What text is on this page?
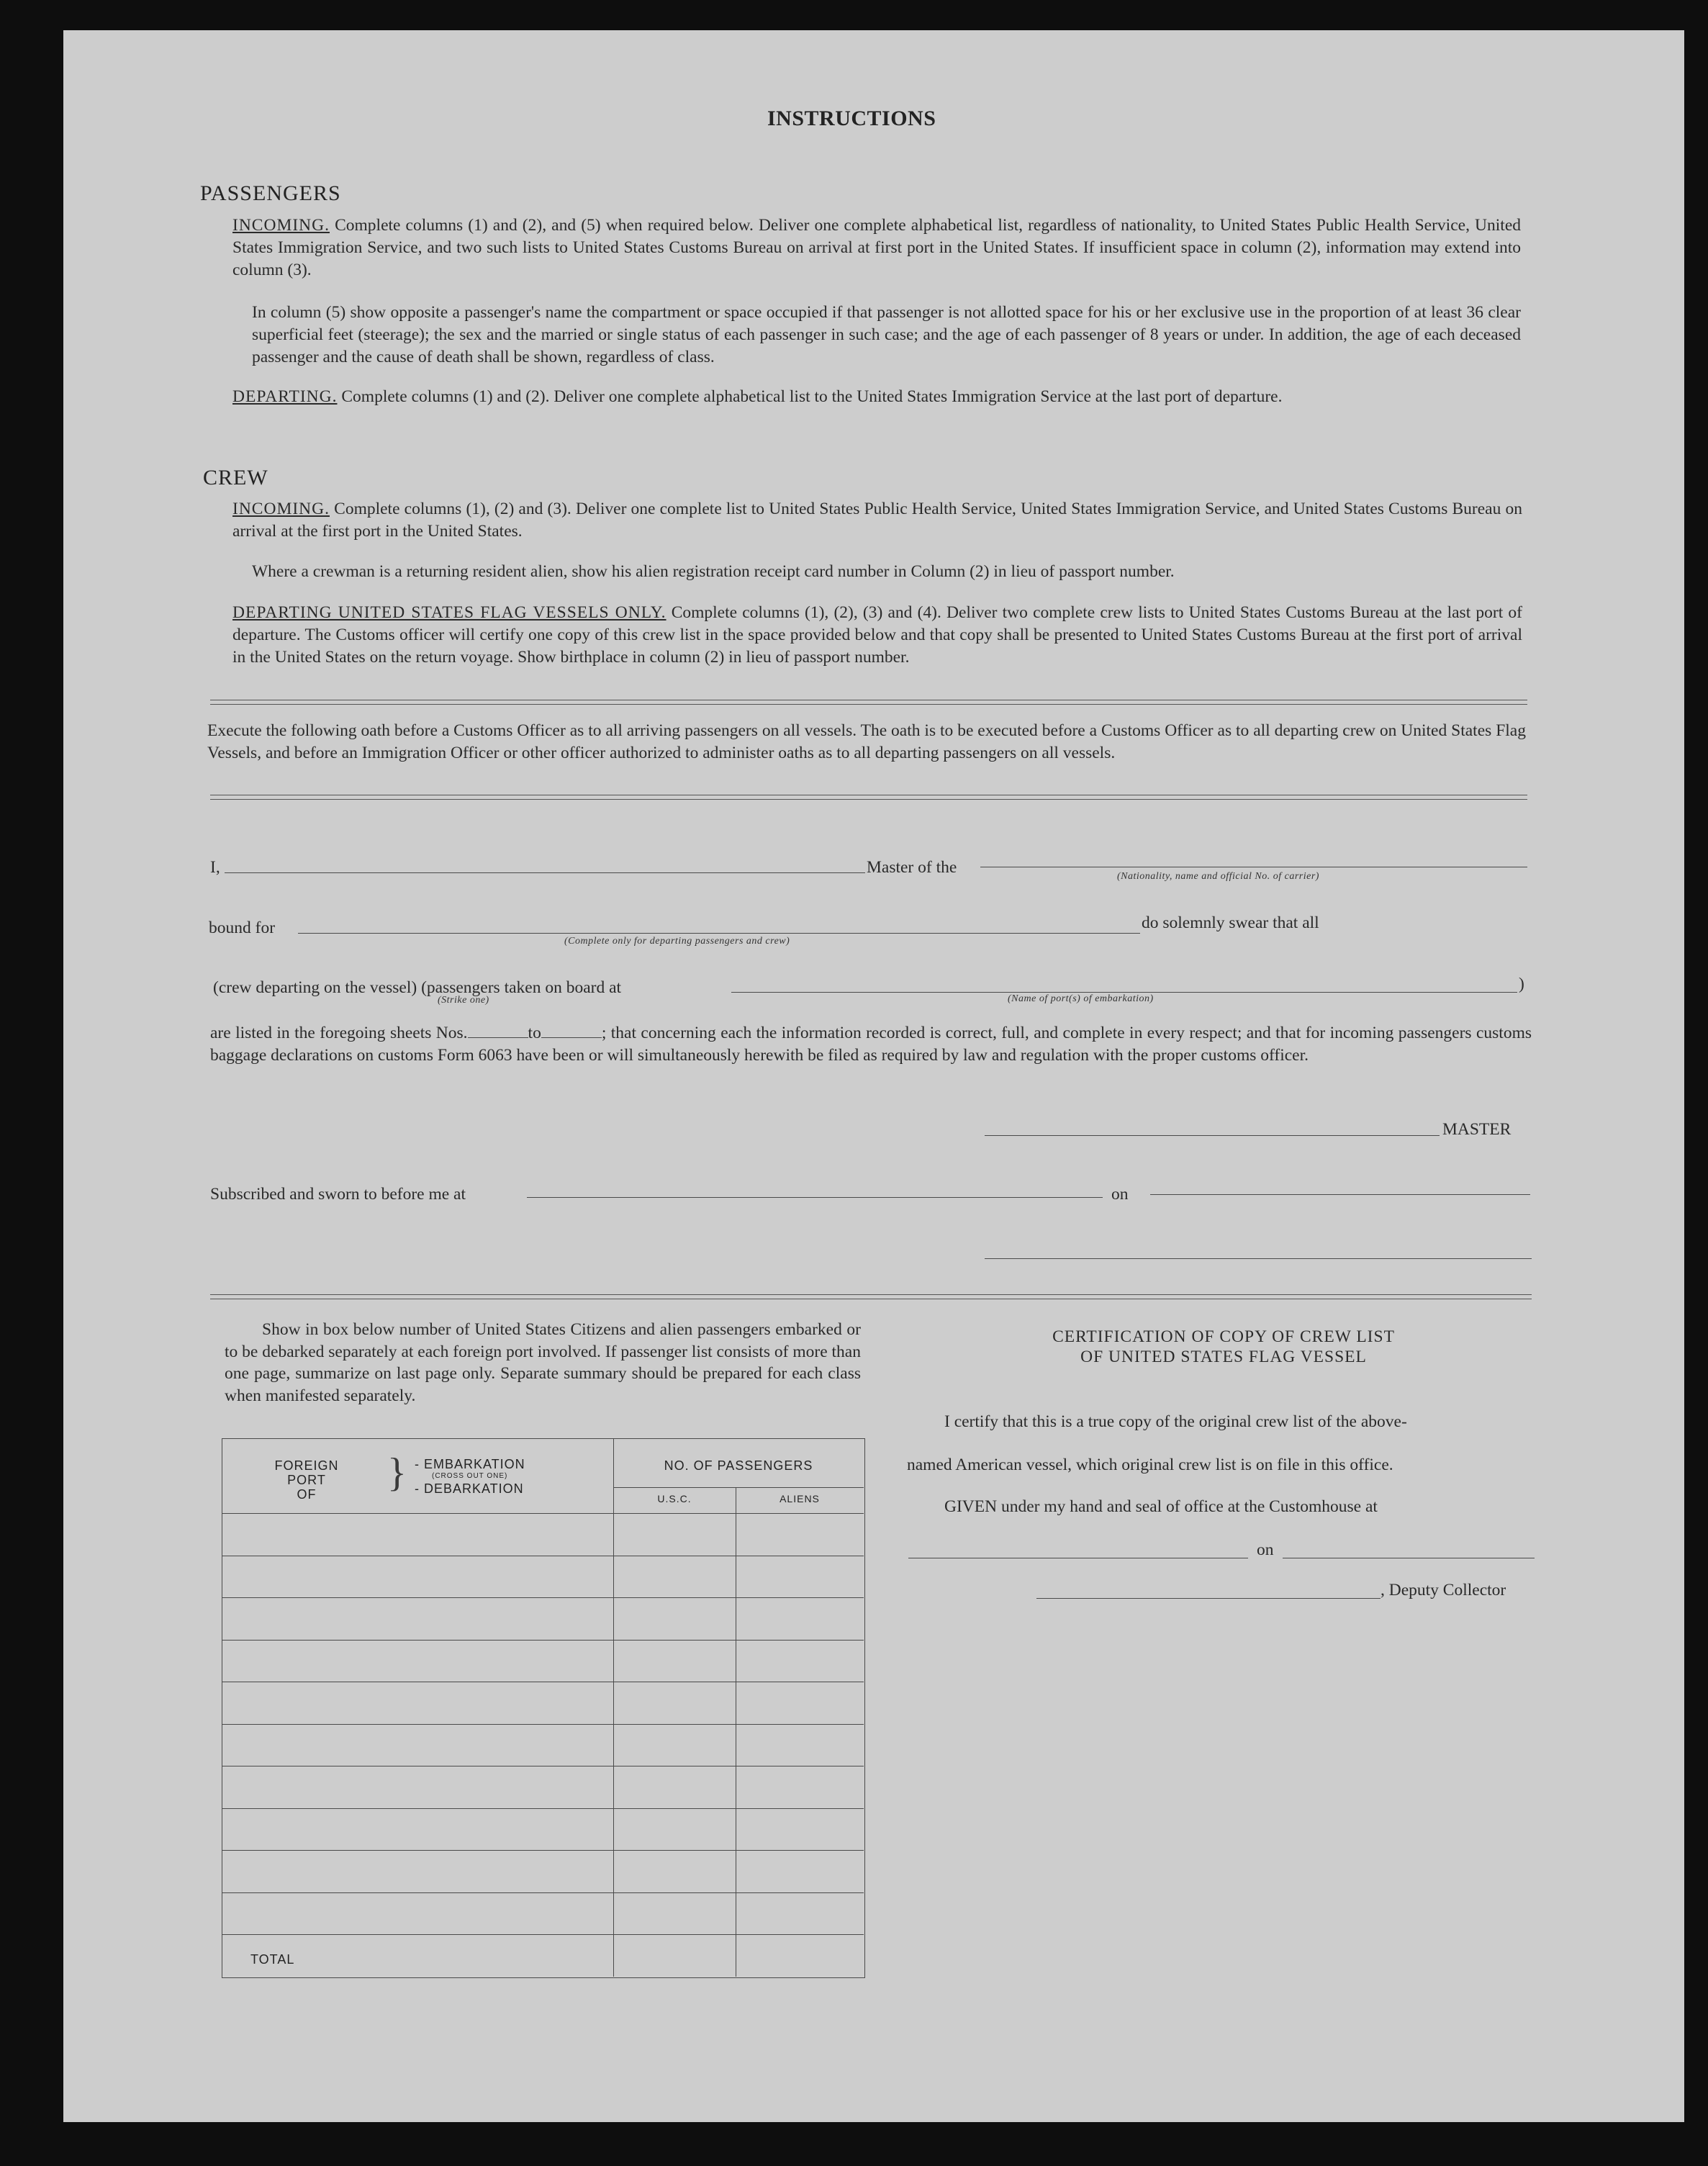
INSTRUCTIONS
PASSENGERS
INCOMING. Complete columns (1) and (2), and (5) when required below. Deliver one complete alphabetical list, regardless of nationality, to United States Public Health Service, United States Immigration Service, and two such lists to United States Customs Bureau on arrival at first port in the United States. If insufficient space in column (2), information may extend into column (3).
In column (5) show opposite a passenger's name the compartment or space occupied if that passenger is not allotted space for his or her exclusive use in the proportion of at least 36 clear superficial feet (steerage); the sex and the married or single status of each passenger in such case; and the age of each passenger of 8 years or under. In addition, the age of each deceased passenger and the cause of death shall be shown, regardless of class.
DEPARTING. Complete columns (1) and (2). Deliver one complete alphabetical list to the United States Immigration Service at the last port of departure.
CREW
INCOMING. Complete columns (1), (2) and (3). Deliver one complete list to United States Public Health Service, United States Immigration Service, and United States Customs Bureau on arrival at the first port in the United States.
Where a crewman is a returning resident alien, show his alien registration receipt card number in Column (2) in lieu of passport number.
DEPARTING UNITED STATES FLAG VESSELS ONLY. Complete columns (1), (2), (3) and (4). Deliver two complete crew lists to United States Customs Bureau at the last port of departure. The Customs officer will certify one copy of this crew list in the space provided below and that copy shall be presented to United States Customs Bureau at the first port of arrival in the United States on the return voyage. Show birthplace in column (2) in lieu of passport number.
Execute the following oath before a Customs Officer as to all arriving passengers on all vessels. The oath is to be executed before a Customs Officer as to all departing crew on United States Flag Vessels, and before an Immigration Officer or other officer authorized to administer oaths as to all departing passengers on all vessels.
I,	Master of the	(Nationality, name and official No. of carrier)
bound for
(Complete only for departing passengers and crew)
do solemnly swear that all
(crew departing on the vessel) (passengers taken on board at	)
(Strike one)	(Name of port(s) of embarkation)
are listed in the foregoing sheets Nos.	to	; that concerning each the information recorded is correct, full, and complete in every respect; and that for incoming passengers customs baggage declarations on customs Form 6063 have been or will simultaneously herewith be filed as required by law and regulation with the proper customs officer.
MASTER
Subscribed and sworn to before me at	on
Show in box below number of United States Citizens and alien passengers embarked or to be debarked separately at each foreign port involved. If passenger list consists of more than one page, summarize on last page only. Separate summary should be prepared for each class when manifested separately.
FOREIGN
PORT
OF	} - EMBARKATION
(CROSS OUT ONE)
- DEBARKATION
NO. OF PASSENGERS
U.S.C.	ALIENS
TOTAL
CERTIFICATION OF COPY OF CREW LIST
OF UNITED STATES FLAG VESSEL
I certify that this is a true copy of the original crew list of the above-
named American vessel, which original crew list is on file in this office.
GIVEN under my hand and seal of office at the Customhouse at
on
, Deputy Collector
